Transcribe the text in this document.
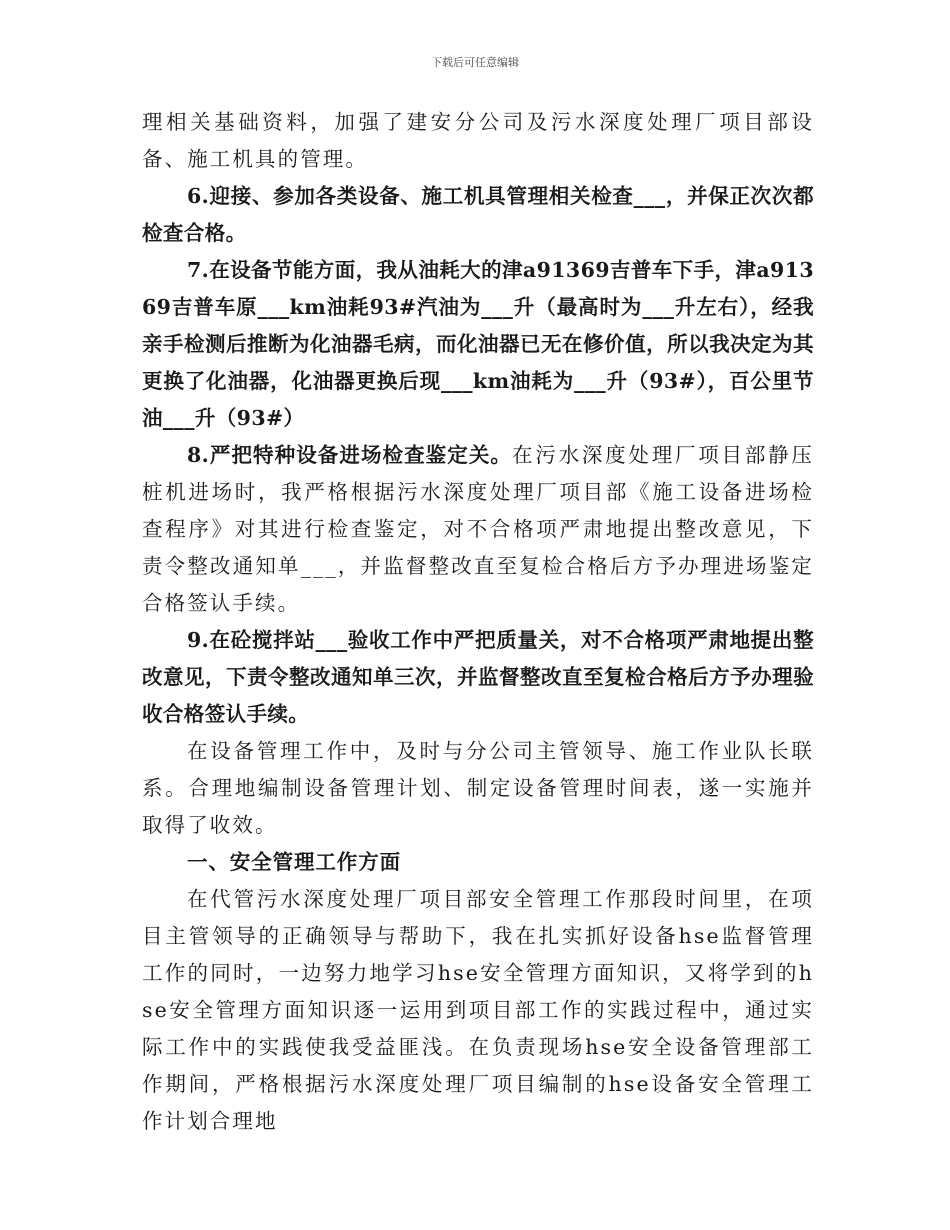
下载后可任意编辑

理相关基础资料，加强了建安分公司及污水深度处理厂项目部设备、施工机具的管理。

6.迎接、参加各类设备、施工机具管理相关检查___，并保正次次都检查合格。

7.在设备节能方面，我从油耗大的津a91369吉普车下手，津a91369吉普车原___km油耗93#汽油为___升（最高时为___升左右），经我亲手检测后推断为化油器毛病，而化油器已无在修价值，所以我决定为其更换了化油器，化油器更换后现___km油耗为___升（93#），百公里节油___升（93#）

8.严把特种设备进场检查鉴定关。在污水深度处理厂项目部静压桩机进场时，我严格根据污水深度处理厂项目部《施工设备进场检查程序》对其进行检查鉴定，对不合格项严肃地提出整改意见，下责令整改通知单___，并监督整改直至复检合格后方予办理进场鉴定合格签认手续。

9.在砼搅拌站___验收工作中严把质量关，对不合格项严肃地提出整改意见，下责令整改通知单三次，并监督整改直至复检合格后方予办理验收合格签认手续。

在设备管理工作中，及时与分公司主管领导、施工作业队长联系。合理地编制设备管理计划、制定设备管理时间表，遂一实施并取得了收效。

一、安全管理工作方面

在代管污水深度处理厂项目部安全管理工作那段时间里，在项目主管领导的正确领导与帮助下，我在扎实抓好设备hse监督管理工作的同时，一边努力地学习hse安全管理方面知识，又将学到的hse安全管理方面知识逐一运用到项目部工作的实践过程中，通过实际工作中的实践使我受益匪浅。在负责现场hse安全设备管理部工作期间，严格根据污水深度处理厂项目编制的hse设备安全管理工作计划合理地
